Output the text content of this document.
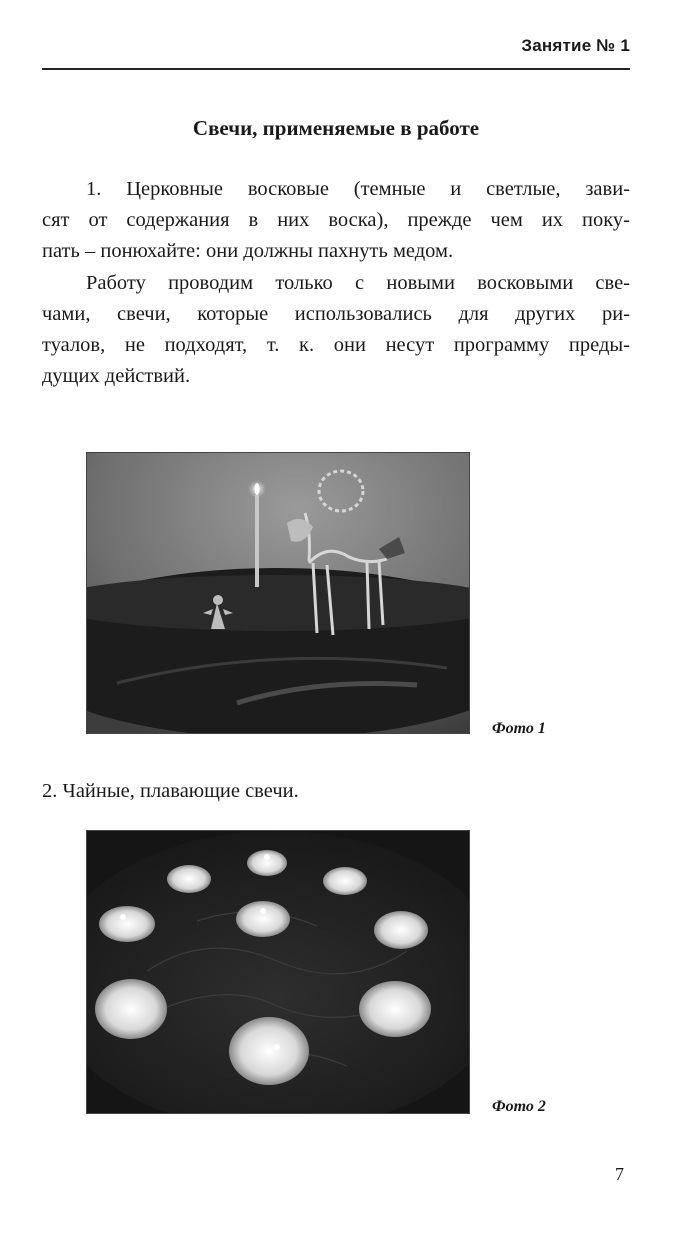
Занятие № 1
Свечи, применяемые в работе
1. Церковные восковые (темные и светлые, зави-
сят от содержания в них воска), прежде чем их поку-
пать – понюхайте: они должны пахнуть медом.
Работу проводим только с новыми восковыми све-
чами, свечи, которые использовались для других ри-
туалов, не подходят, т. к. они несут программу преды-
дущих действий.
Фото 1
2. Чайные, плавающие свечи.
Фото 2
7
